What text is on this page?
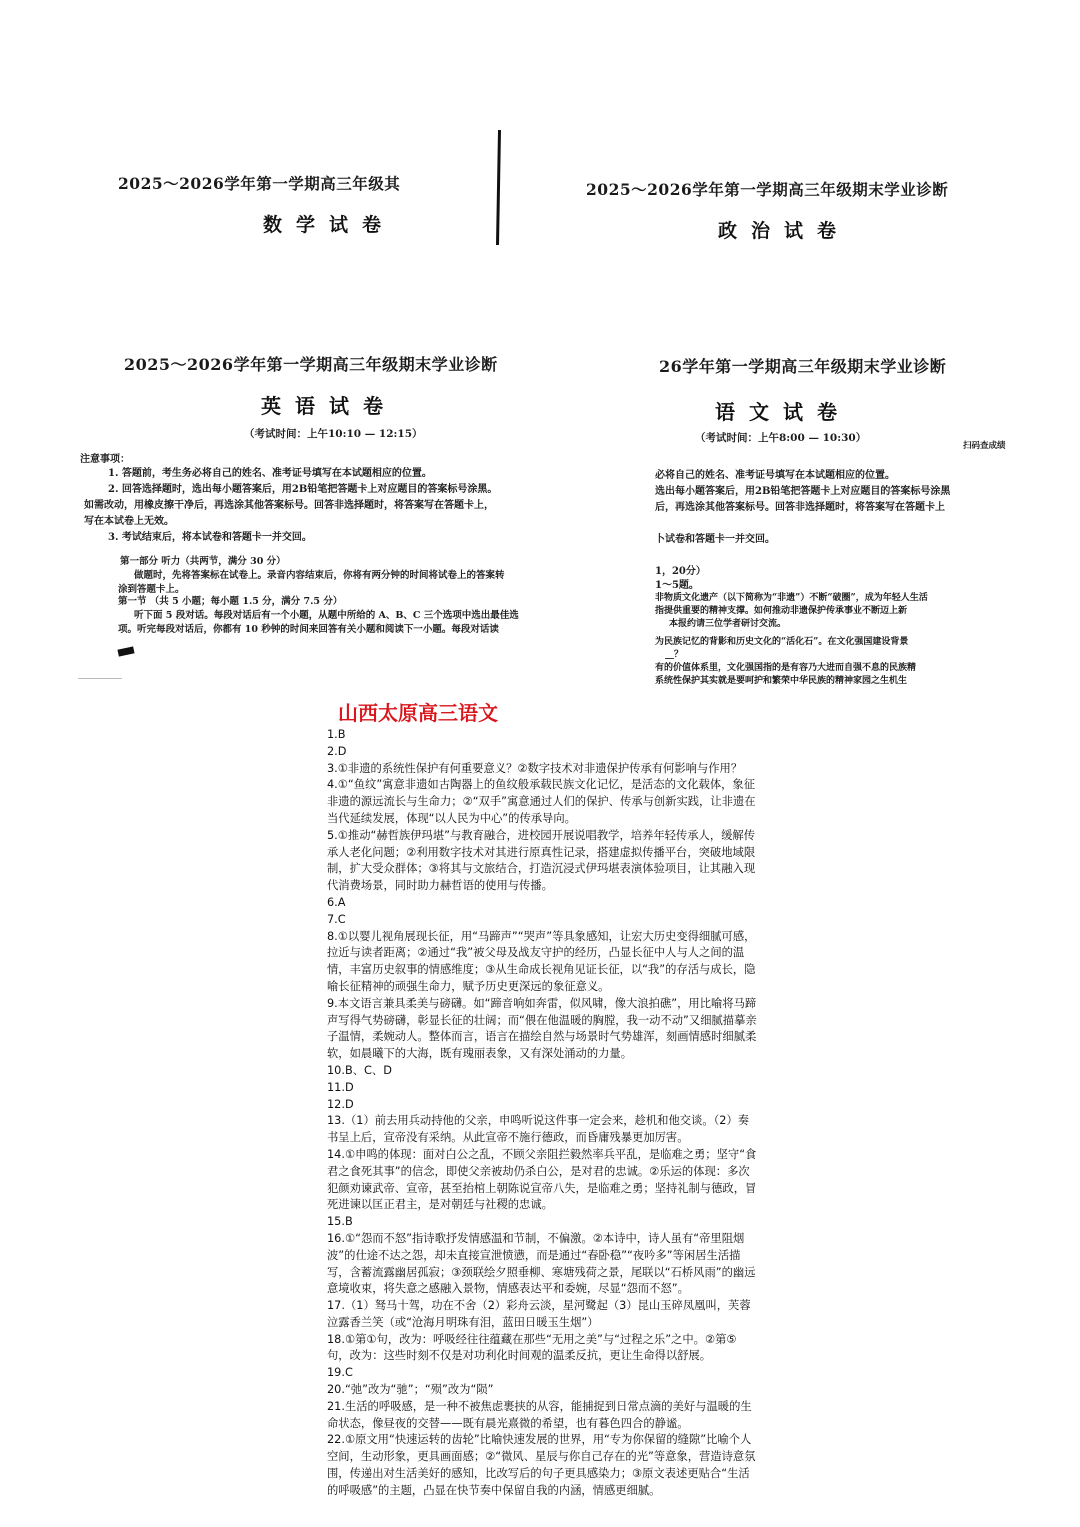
2025～2026学年第一学期高三年级其
数学试卷
2025～2026学年第一学期高三年级期末学业诊断
政治试卷
2025～2026学年第一学期高三年级期末学业诊断
英语试卷
（考试时间：上午10:10 — 12:15）
注意事项：
1. 答题前，考生务必将自己的姓名、准考证号填写在本试题相应的位置。
2. 回答选择题时，选出每小题答案后，用2B铅笔把答题卡上对应题目的答案标号涂黑。
如需改动，用橡皮擦干净后，再选涂其他答案标号。回答非选择题时，将答案写在答题卡上，
写在本试卷上无效。
3. 考试结束后，将本试卷和答题卡一并交回。
第一部分 听力（共两节，满分 30 分）
做题时，先将答案标在试卷上。录音内容结束后，你将有两分钟的时间将试卷上的答案转
涂到答题卡上。
第一节 （共 5 小题；每小题 1.5 分，满分 7.5 分）
听下面 5 段对话。每段对话后有一个小题，从题中所给的 A、B、C 三个选项中选出最佳选
项。听完每段对话后，你都有 10 秒钟的时间来回答有关小题和阅读下一小题。每段对话读
26学年第一学期高三年级期末学业诊断
语文试卷
（考试时间：上午8:00 — 10:30）
扫码查成绩
必将自己的姓名、准考证号填写在本试题相应的位置。
选出每小题答案后，用2B铅笔把答题卡上对应题目的答案标号涂黑
后，再选涂其他答案标号。回答非选择题时，将答案写在答题卡上
卜试卷和答题卡一并交回。
1，20分）
1～5题。
非物质文化遗产（以下简称为“非遗”）不断“破圈”，成为年轻人生活
指提供重要的精神支撑。如何推动非遗保护传承事业不断迈上新
本报约请三位学者研讨交流。
为民族记忆的背影和历史文化的“活化石”。在文化强国建设背景
__？
有的价值体系里，文化强国指的是有容乃大进而自强不息的民族精
系统性保护其实就是要呵护和繁荣中华民族的精神家园之生机生
山西太原高三语文

1.B

2.D

3.①非遗的系统性保护有何重要意义？②数字技术对非遗保护传承有何影响与作用？

4.①“鱼纹”寓意非遗如古陶器上的鱼纹般承载民族文化记忆，是活态的文化载体，象征非遗的源远流长与生命力；②“双手”寓意通过人们的保护、传承与创新实践，让非遗在当代延续发展，体现“以人民为中心”的传承导向。

5.①推动“赫哲族伊玛堪”与教育融合，进校园开展说唱教学，培养年轻传承人，缓解传承人老化问题；②利用数字技术对其进行原真性记录，搭建虚拟传播平台，突破地域限制，扩大受众群体；③将其与文旅结合，打造沉浸式伊玛堪表演体验项目，让其融入现代消费场景，同时助力赫哲语的使用与传播。

6.A

7.C

8.①以婴儿视角展现长征，用“马蹄声”“哭声”等具象感知，让宏大历史变得细腻可感，拉近与读者距离；②通过“我”被父母及战友守护的经历，凸显长征中人与人之间的温情，丰富历史叙事的情感维度；③从生命成长视角见证长征，以“我”的存活与成长，隐喻长征精神的顽强生命力，赋予历史更深远的象征意义。

9.本文语言兼具柔美与磅礴。如“蹄音响如奔雷，似风啸，像大浪拍礁”，用比喻将马蹄声写得气势磅礴，彰显长征的壮阔；而“偎在他温暖的胸膛，我一动不动”又细腻描摹亲子温情，柔婉动人。整体而言，语言在描绘自然与场景时气势雄浑，刻画情感时细腻柔软，如晨曦下的大海，既有瑰丽表象，又有深处涌动的力量。

10.B、C、D

11.D

12.D

13.（1）前去用兵动持他的父亲，申鸣听说这件事一定会来，趁机和他交谈。（2）奏书呈上后，宣帝没有采纳。从此宣帝不施行德政，而昏庸残暴更加厉害。

14.①申鸣的体现：面对白公之乱，不顾父亲阻拦毅然率兵平乱，是临难之勇；坚守“食君之食死其事”的信念，即使父亲被劫仍杀白公，是对君的忠诚。②乐运的体现：多次犯颜劝谏武帝、宣帝，甚至抬棺上朝陈说宣帝八失，是临难之勇；坚持礼制与德政，冒死进谏以匡正君主，是对朝廷与社稷的忠诚。

15.B

16.①“怨而不怒”指诗歌抒发情感温和节制，不偏激。②本诗中，诗人虽有“帝里阻烟波”的仕途不达之怨，却未直接宣泄愤懑，而是通过“春卧稳”“夜吟多”等闲居生活描写，含蓄流露幽居孤寂；③颈联绘夕照垂柳、寒塘残荷之景，尾联以“石桥风雨”的幽远意境收束，将失意之感融入景物，情感表达平和委婉，尽显“怨而不怒”。

17.（1）驽马十驾，功在不舍（2）彩舟云淡，星河鹭起（3）昆山玉碎凤凰叫，芙蓉泣露香兰笑（或“沧海月明珠有泪，蓝田日暖玉生烟”）

18.①第①句，改为：呼吸经往往蕴藏在那些“无用之美”与“过程之乐”之中。②第⑤句，改为：这些时刻不仅是对功利化时间观的温柔反抗，更让生命得以舒展。

19.C

20.“弛”改为“驰”；“殒”改为“陨”

21.生活的呼吸感，是一种不被焦虑裹挟的从容，能捕捉到日常点滴的美好与温暖的生命状态，像昼夜的交替——既有晨光熹微的希望，也有暮色四合的静谧。

22.①原文用“快速运转的齿轮”比喻快速发展的世界，用“专为你保留的缝隙”比喻个人空间，生动形象，更具画面感；②“微风、星辰与你自己存在的光”等意象，营造诗意氛围，传递出对生活美好的感知，比改写后的句子更具感染力；③原文表述更贴合“生活的呼吸感”的主题，凸显在快节奏中保留自我的内涵，情感更细腻。
